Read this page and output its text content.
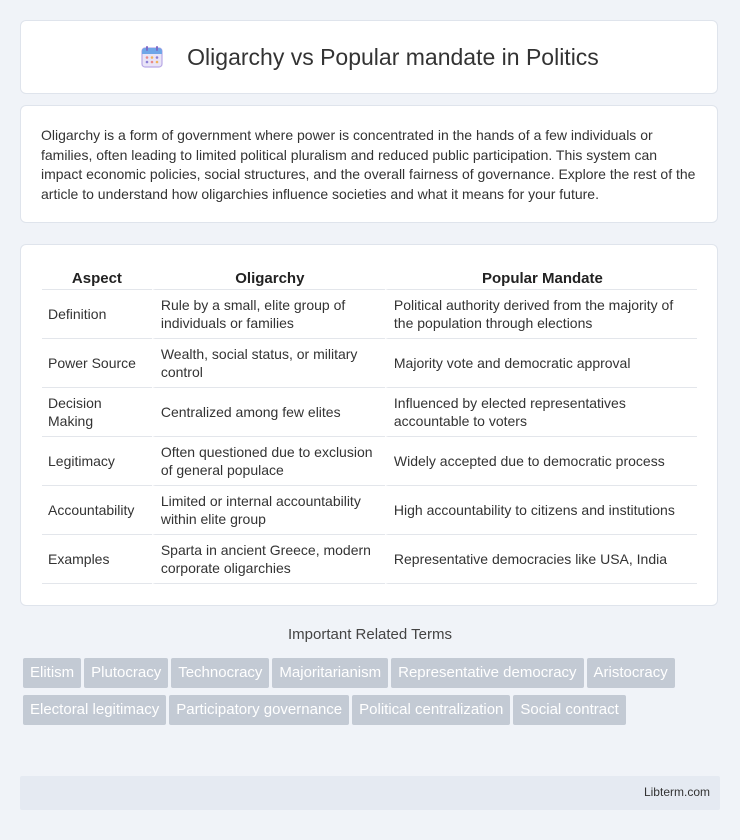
Oligarchy vs Popular mandate in Politics

Oligarchy is a form of government where power is concentrated in the hands of a few individuals or families, often leading to limited political pluralism and reduced public participation. This system can impact economic policies, social structures, and the overall fairness of governance. Explore the rest of the article to understand how oligarchies influence societies and what it means for your future.

Aspect	Oligarchy	Popular Mandate
Definition	Rule by a small, elite group of individuals or families	Political authority derived from the majority of the population through elections
Power Source	Wealth, social status, or military control	Majority vote and democratic approval
Decision Making	Centralized among few elites	Influenced by elected representatives accountable to voters
Legitimacy	Often questioned due to exclusion of general populace	Widely accepted due to democratic process
Accountability	Limited or internal accountability within elite group	High accountability to citizens and institutions
Examples	Sparta in ancient Greece, modern corporate oligarchies	Representative democracies like USA, India
Important Related Terms
Elitism	Plutocracy	Technocracy	Majoritarianism	Representative democracy	Aristocracy
Electoral legitimacy	Participatory governance	Political centralization	Social contract
Libterm.com
